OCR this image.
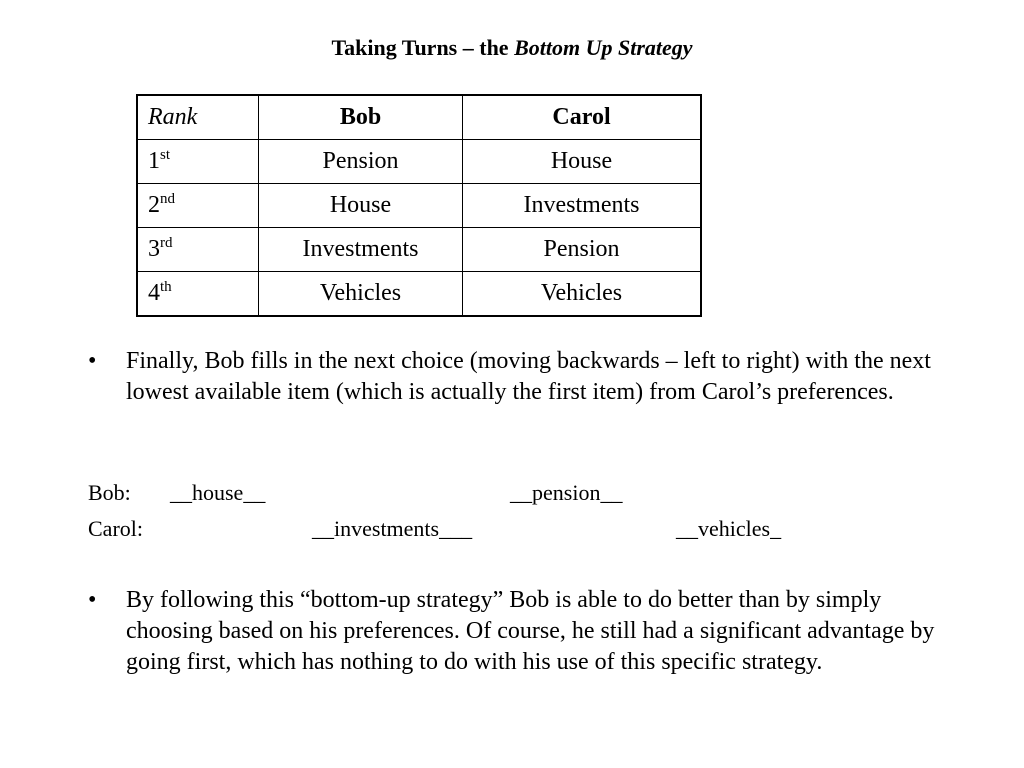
Taking Turns – the Bottom Up Strategy
Rank	Bob	Carol
1st	Pension	House
2nd	House	Investments
3rd	Investments	Pension
4th	Vehicles	Vehicles
• Finally, Bob fills in the next choice (moving backwards – left to right) with the next lowest available item (which is actually the first item) from Carol’s preferences.
Bob: __house__	__pension__
Carol:	__investments___	__vehicles_
• By following this “bottom-up strategy” Bob is able to do better than by simply choosing based on his preferences. Of course, he still had a significant advantage by going first, which has nothing to do with his use of this specific strategy.
